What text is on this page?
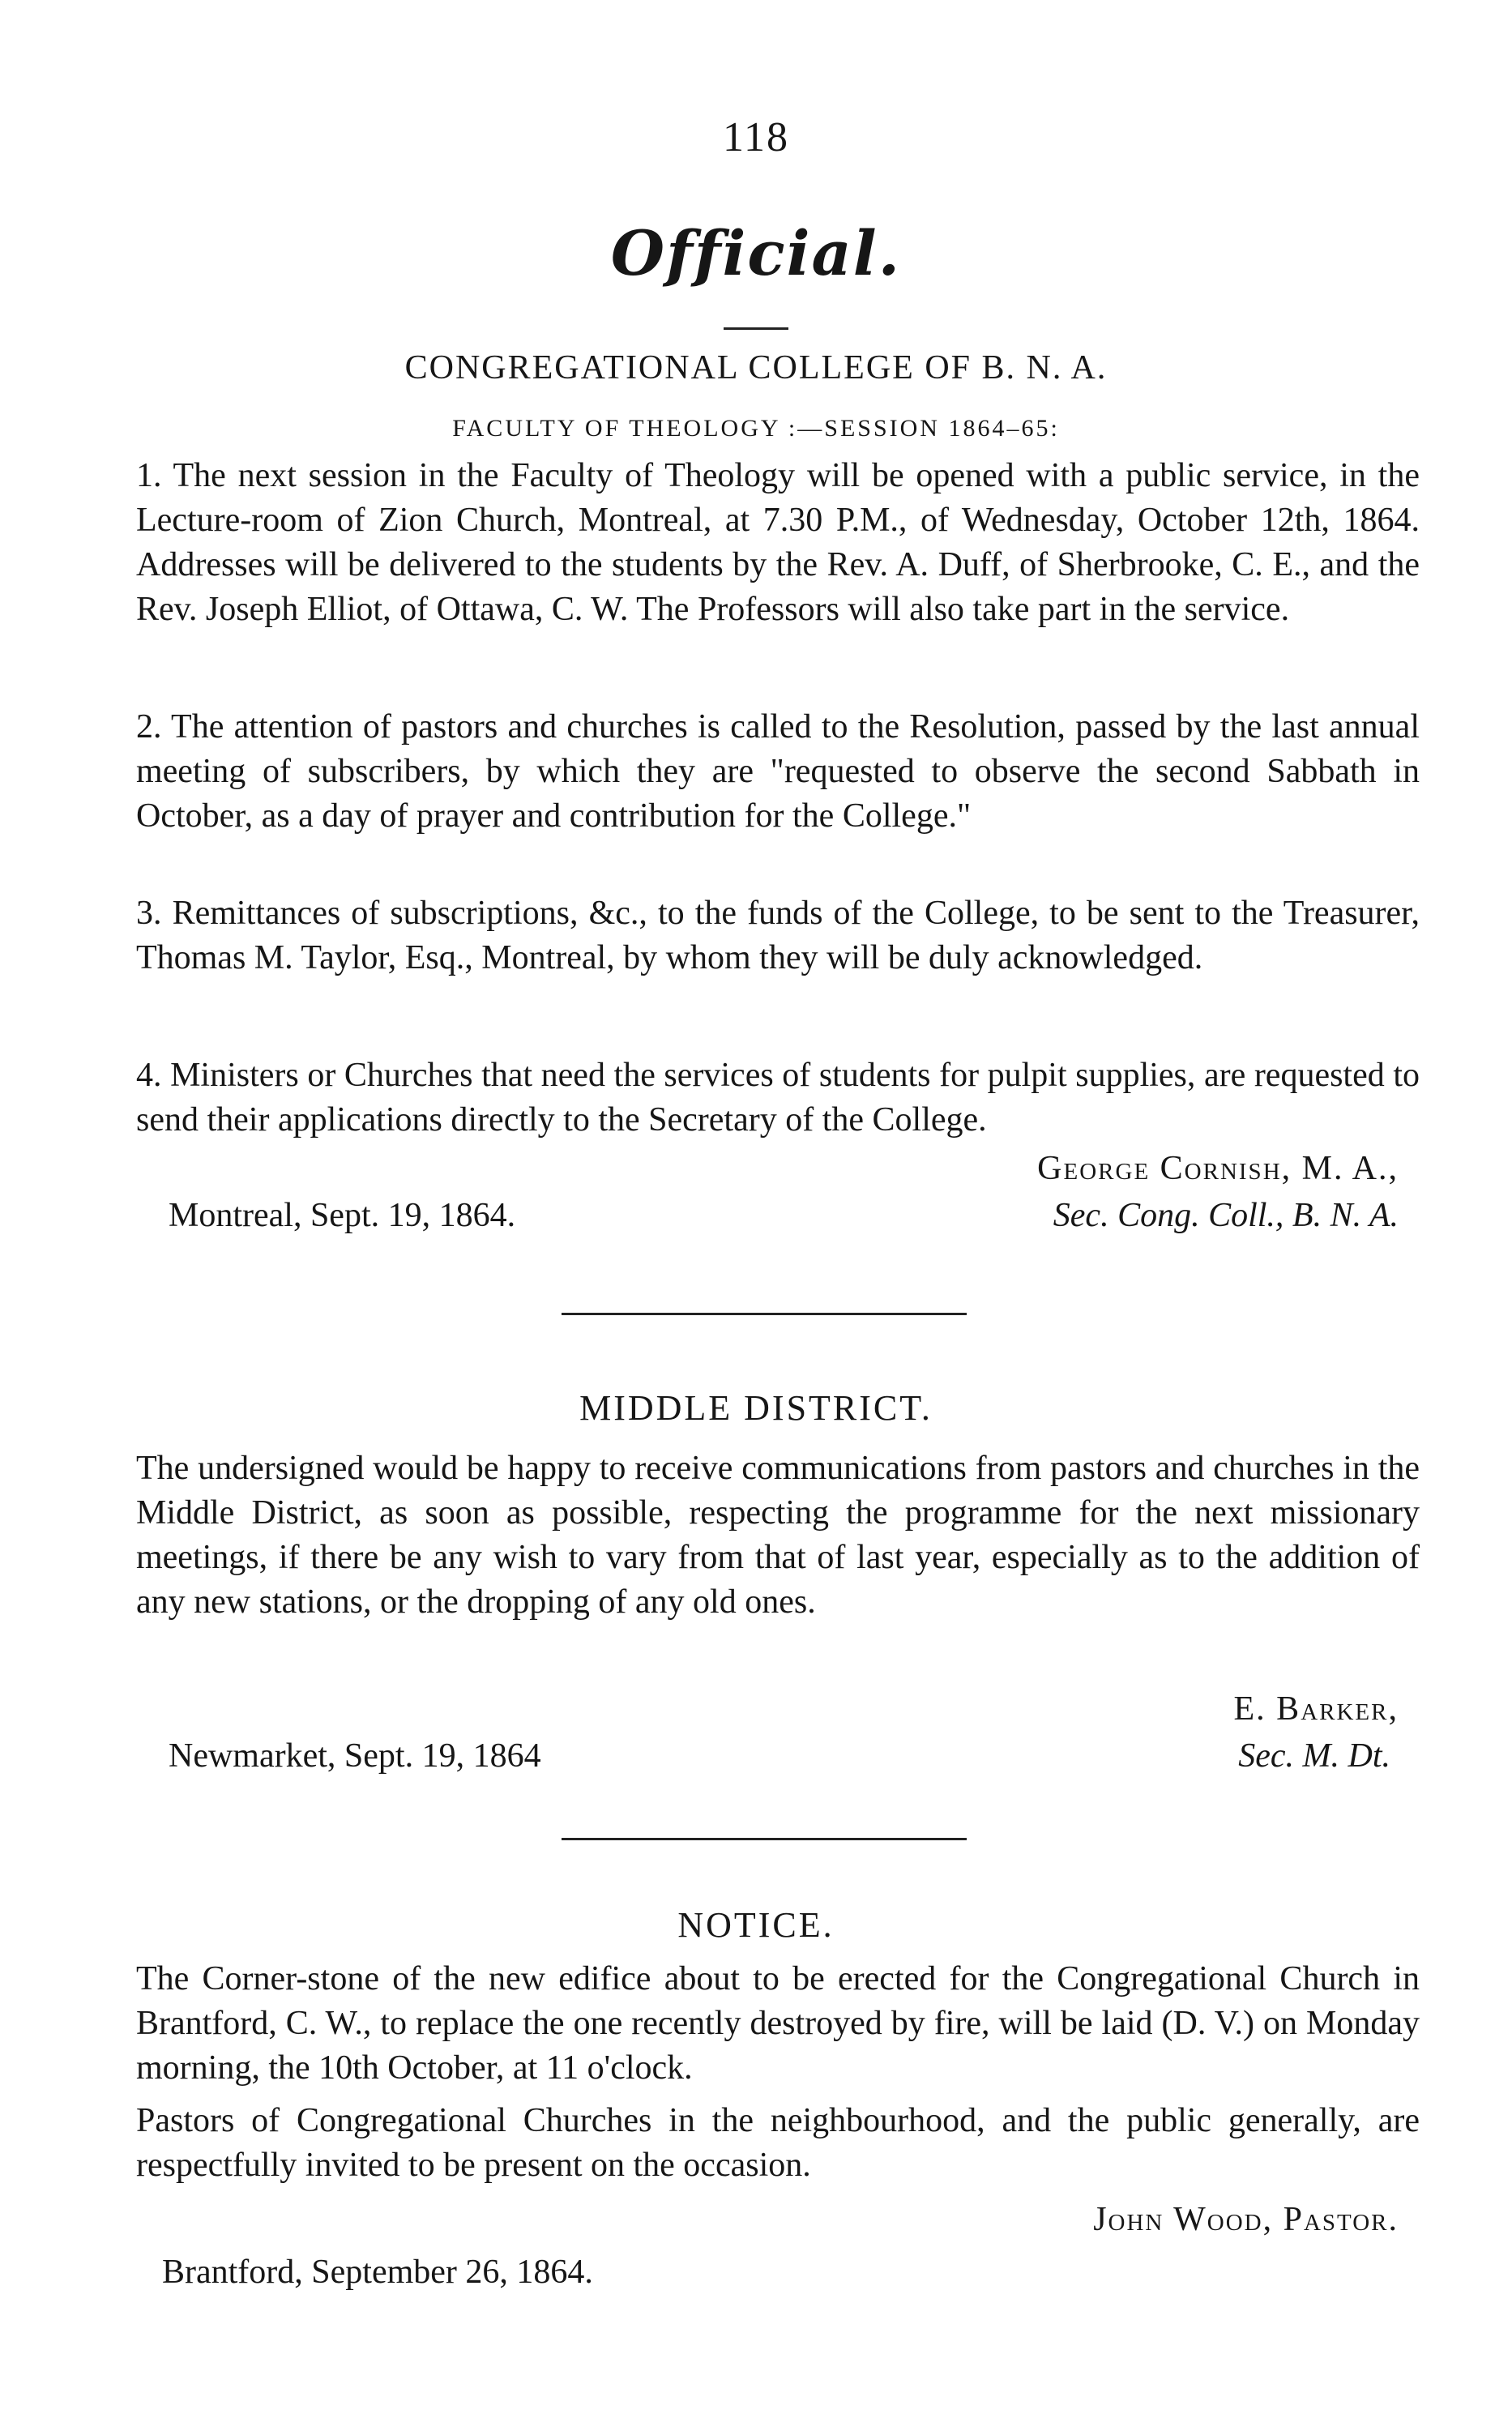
118
Official.
CONGREGATIONAL COLLEGE OF B. N. A.
FACULTY OF THEOLOGY :—SESSION 1864–65:

1. The next session in the Faculty of Theology will be opened with a public service, in the Lecture-room of Zion Church, Montreal, at 7.30 P.M., of Wednesday, October 12th, 1864. Addresses will be delivered to the students by the Rev. A. Duff, of Sherbrooke, C. E., and the Rev. Joseph Elliot, of Ottawa, C. W. The Professors will also take part in the service.

2. The attention of pastors and churches is called to the Resolution, passed by the last annual meeting of subscribers, by which they are "requested to observe the second Sabbath in October, as a day of prayer and contribution for the College."

3. Remittances of subscriptions, &c., to the funds of the College, to be sent to the Treasurer, Thomas M. Taylor, Esq., Montreal, by whom they will be duly acknowledged.

4. Ministers or Churches that need the services of students for pulpit supplies, are requested to send their applications directly to the Secretary of the College.

George Cornish, M. A.,
Montreal, Sept. 19, 1864.	Sec. Cong. Coll., B. N. A.
MIDDLE DISTRICT.

The undersigned would be happy to receive communications from pastors and churches in the Middle District, as soon as possible, respecting the programme for the next missionary meetings, if there be any wish to vary from that of last year, especially as to the addition of any new stations, or the dropping of any old ones.

E. Barker,
Newmarket, Sept. 19, 1864	Sec. M. Dt.
NOTICE.

The Corner-stone of the new edifice about to be erected for the Congregational Church in Brantford, C. W., to replace the one recently destroyed by fire, will be laid (D. V.) on Monday morning, the 10th October, at 11 o'clock.

Pastors of Congregational Churches in the neighbourhood, and the public generally, are respectfully invited to be present on the occasion.

John Wood, Pastor.
Brantford, September 26, 1864.
